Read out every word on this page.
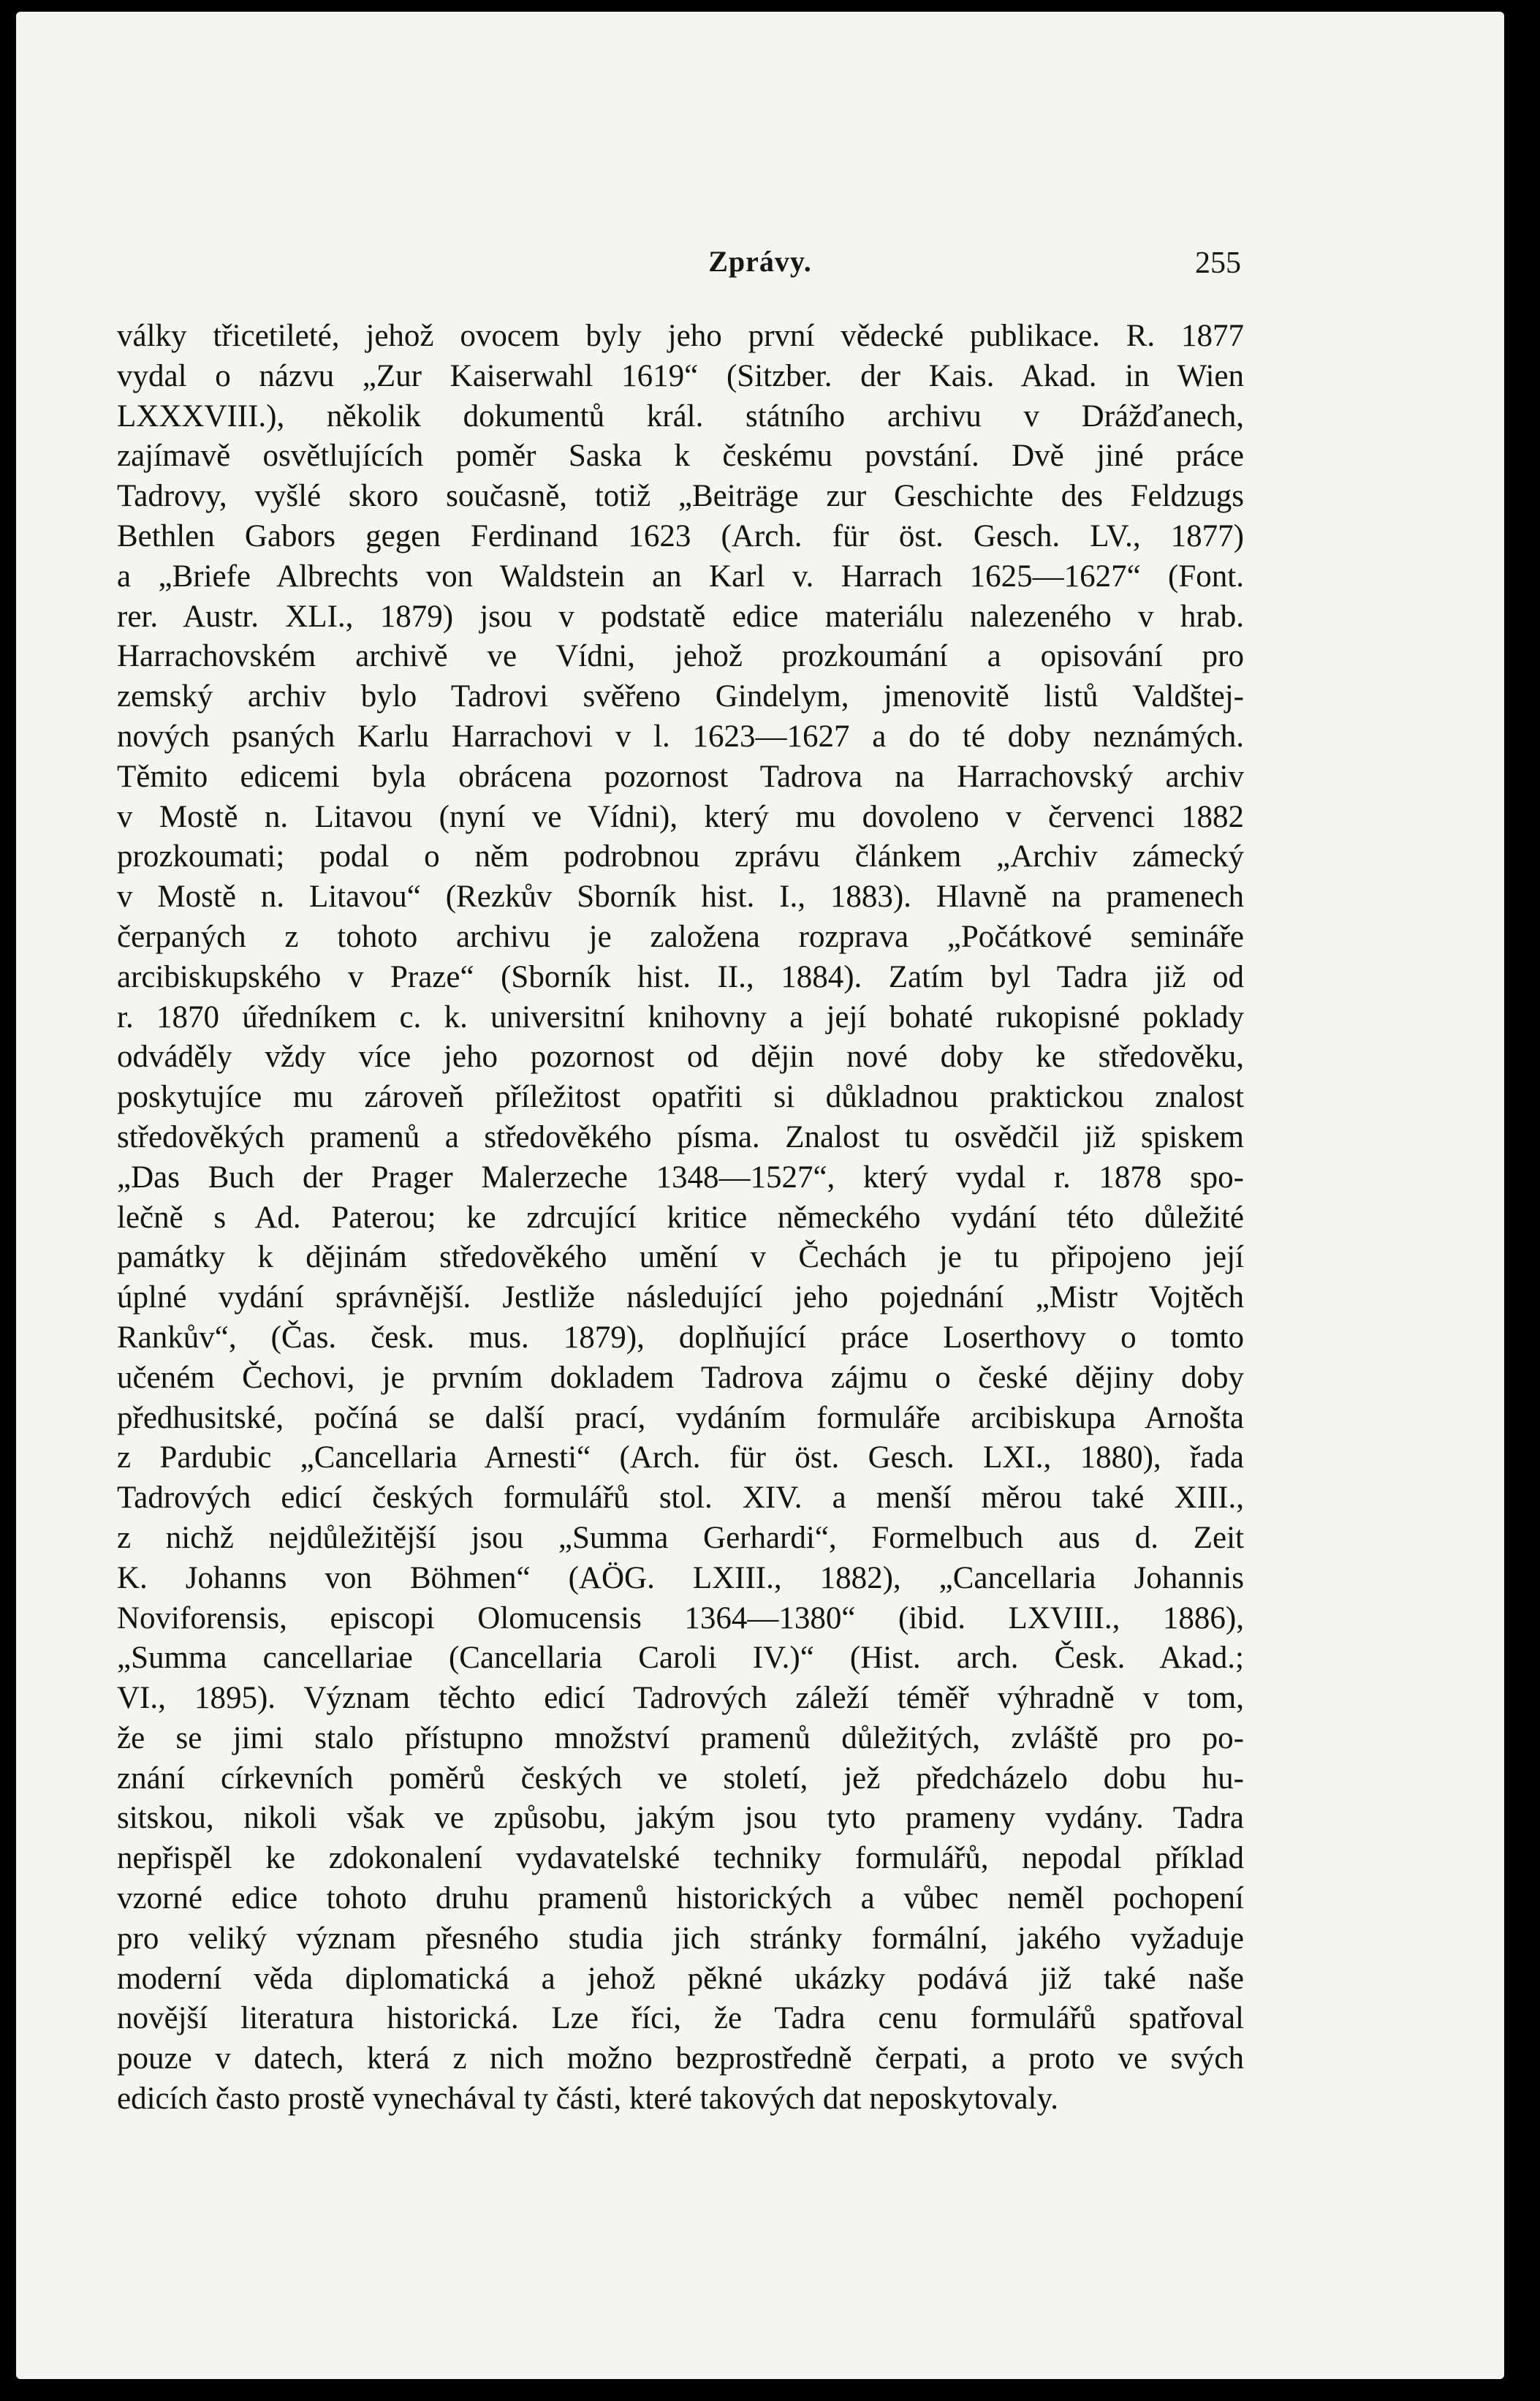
Zprávy.	255
války třicetileté, jehož ovocem byly jeho první vědecké publikace. R. 1877
vydal o názvu „Zur Kaiserwahl 1619“ (Sitzber. der Kais. Akad. in Wien
LXXXVIII.), několik dokumentů král. státního archivu v Drážďanech,
zajímavě osvětlujících poměr Saska k českému povstání. Dvě jiné práce
Tadrovy, vyšlé skoro současně, totiž „Beiträge zur Geschichte des Feldzugs
Bethlen Gabors gegen Ferdinand 1623 (Arch. für öst. Gesch. LV., 1877)
a „Briefe Albrechts von Waldstein an Karl v. Harrach 1625—1627“ (Font.
rer. Austr. XLI., 1879) jsou v podstatě edice materiálu nalezeného v hrab.
Harrachovském archivě ve Vídni, jehož prozkoumání a opisování pro
zemský archiv bylo Tadrovi svěřeno Gindelym, jmenovitě listů Valdštej-
nových psaných Karlu Harrachovi v l. 1623—1627 a do té doby neznámých.
Těmito edicemi byla obrácena pozornost Tadrova na Harrachovský archiv
v Mostě n. Litavou (nyní ve Vídni), který mu dovoleno v červenci 1882
prozkoumati; podal o něm podrobnou zprávu článkem „Archiv zámecký
v Mostě n. Litavou“ (Rezkův Sborník hist. I., 1883). Hlavně na pramenech
čerpaných z tohoto archivu je založena rozprava „Počátkové semináře
arcibiskupského v Praze“ (Sborník hist. II., 1884). Zatím byl Tadra již od
r. 1870 úředníkem c. k. universitní knihovny a její bohaté rukopisné poklady
odváděly vždy více jeho pozornost od dějin nové doby ke středověku,
poskytujíce mu zároveň příležitost opatřiti si důkladnou praktickou znalost
středověkých pramenů a středověkého písma. Znalost tu osvědčil již spiskem
„Das Buch der Prager Malerzeche 1348—1527“, který vydal r. 1878 spo-
lečně s Ad. Paterou; ke zdrcující kritice německého vydání této důležité
památky k dějinám středověkého umění v Čechách je tu připojeno její
úplné vydání správnější. Jestliže následující jeho pojednání „Mistr Vojtěch
Rankův“, (Čas. česk. mus. 1879), doplňující práce Loserthovy o tomto
učeném Čechovi, je prvním dokladem Tadrova zájmu o české dějiny doby
předhusitské, počíná se další prací, vydáním formuláře arcibiskupa Arnošta
z Pardubic „Cancellaria Arnesti“ (Arch. für öst. Gesch. LXI., 1880), řada
Tadrových edicí českých formulářů stol. XIV. a menší měrou také XIII.,
z nichž nejdůležitější jsou „Summa Gerhardi“, Formelbuch aus d. Zeit
K. Johanns von Böhmen“ (AÖG. LXIII., 1882), „Cancellaria Johannis
Noviforensis, episcopi Olomucensis 1364—1380“ (ibid. LXVIII., 1886),
„Summa cancellariae (Cancellaria Caroli IV.)“ (Hist. arch. Česk. Akad.;
VI., 1895). Význam těchto edicí Tadrových záleží téměř výhradně v tom,
že se jimi stalo přístupno množství pramenů důležitých, zvláště pro po-
znání církevních poměrů českých ve století, jež předcházelo dobu hu-
sitskou, nikoli však ve způsobu, jakým jsou tyto prameny vydány. Tadra
nepřispěl ke zdokonalení vydavatelské techniky formulářů, nepodal příklad
vzorné edice tohoto druhu pramenů historických a vůbec neměl pochopení
pro veliký význam přesného studia jich stránky formální, jakého vyžaduje
moderní věda diplomatická a jehož pěkné ukázky podává již také naše
novější literatura historická. Lze říci, že Tadra cenu formulářů spatřoval
pouze v datech, která z nich možno bezprostředně čerpati, a proto ve svých
edicích často prostě vynechával ty části, které takových dat neposkytovaly.
